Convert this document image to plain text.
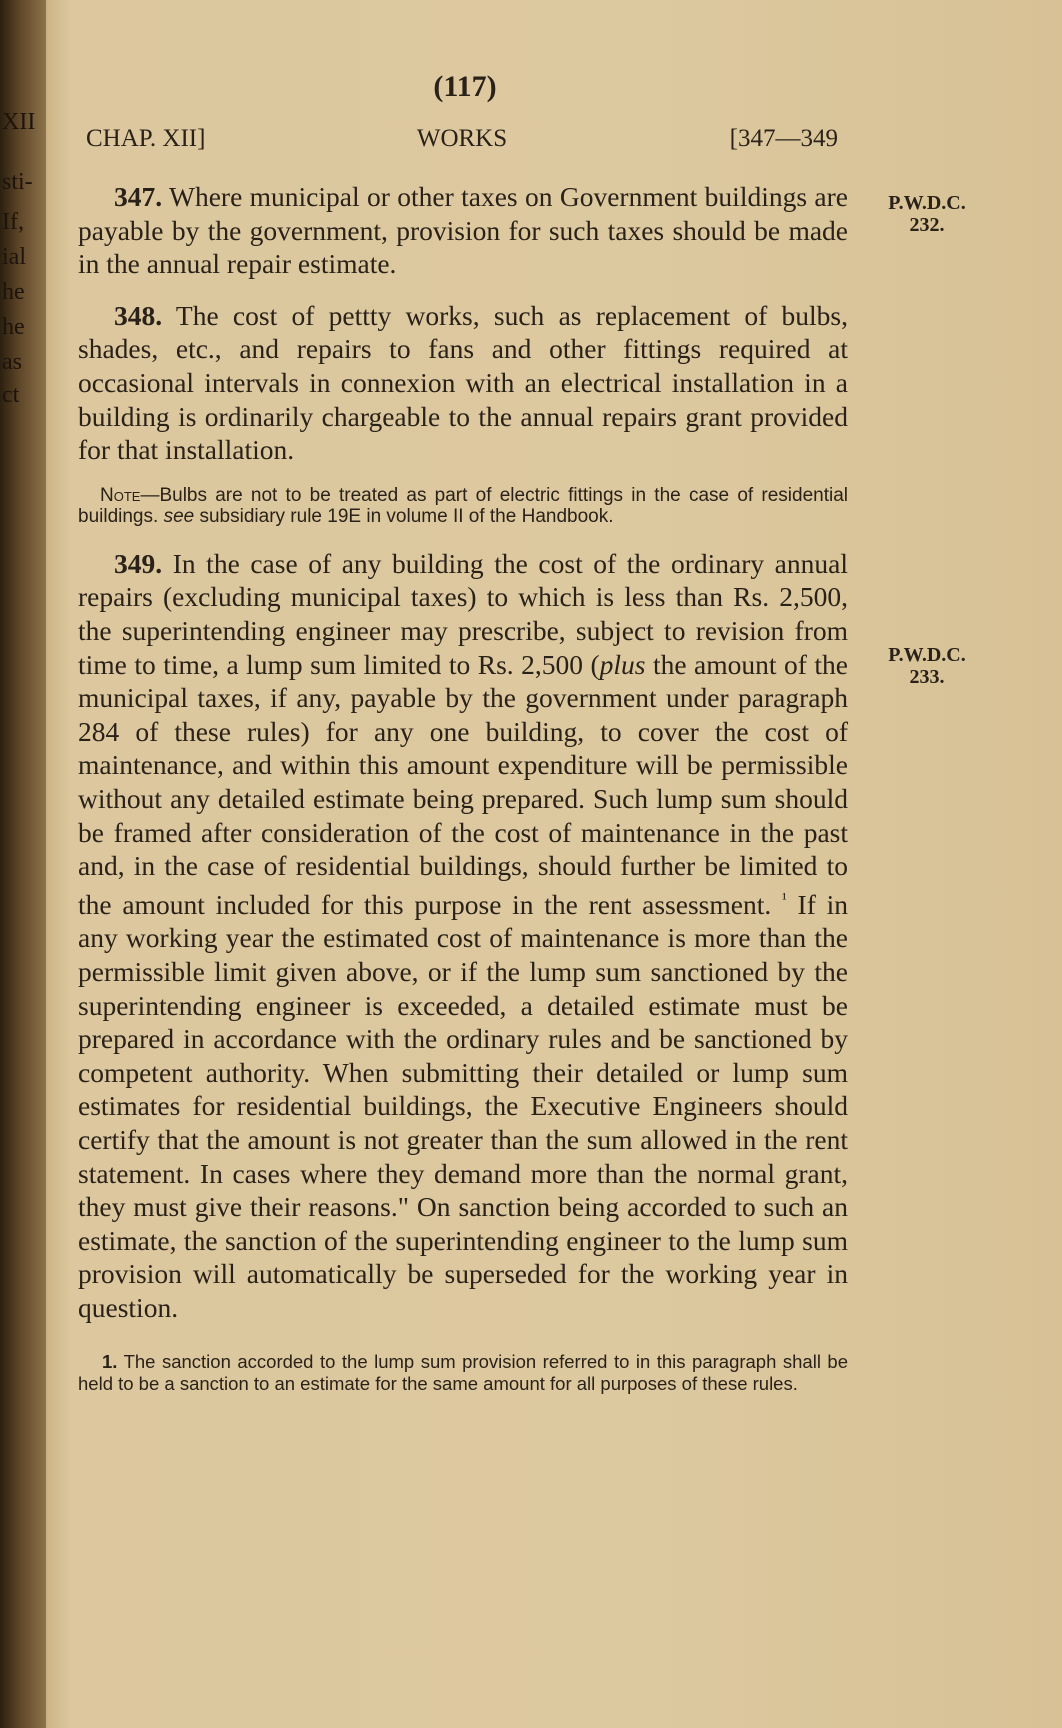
XII
sti-
If,
ial
he
he
as
ct
(117)
CHAP. XII]	WORKS	[347—349

347. Where municipal or other taxes on Government buildings are payable by the government, provision for such taxes should be made in the annual repair estimate.

348. The cost of pettty works, such as replacement of bulbs, shades, etc., and repairs to fans and other fittings required at occasional intervals in connexion with an electrical installation in a building is ordinarily chargeable to the annual repairs grant provided for that installation.

Note—Bulbs are not to be treated as part of electric fittings in the case of residential buildings. see subsidiary rule 19E in volume II of the Handbook.

349. In the case of any building the cost of the ordinary annual repairs (excluding municipal taxes) to which is less than Rs. 2,500, the superintending engineer may prescribe, subject to revision from time to time, a lump sum limited to Rs. 2,500 (plus the amount of the municipal taxes, if any, payable by the government under paragraph 284 of these rules) for any one building, to cover the cost of maintenance, and within this amount expenditure will be permissible without any detailed estimate being prepared. Such lump sum should be framed after consideration of the cost of maintenance in the past and, in the case of residential buildings, should further be limited to the amount included for this purpose in the rent assessment. $^{^1}$ If in any working year the estimated cost of maintenance is more than the permissible limit given above, or if the lump sum sanctioned by the superintending engineer is exceeded, a detailed estimate must be prepared in accordance with the ordinary rules and be sanctioned by competent authority. When submitting their detailed or lump sum estimates for residential buildings, the Executive Engineers should certify that the amount is not greater than the sum allowed in the rent statement. In cases where they demand more than the normal grant, they must give their reasons." On sanction being accorded to such an estimate, the sanction of the superintending engineer to the lump sum provision will automatically be superseded for the working year in question.

1. The sanction accorded to the lump sum provision referred to in this paragraph shall be held to be a sanction to an estimate for the same amount for all purposes of these rules.

P.W.D.C.
232.
P.W.D.C.
233.
